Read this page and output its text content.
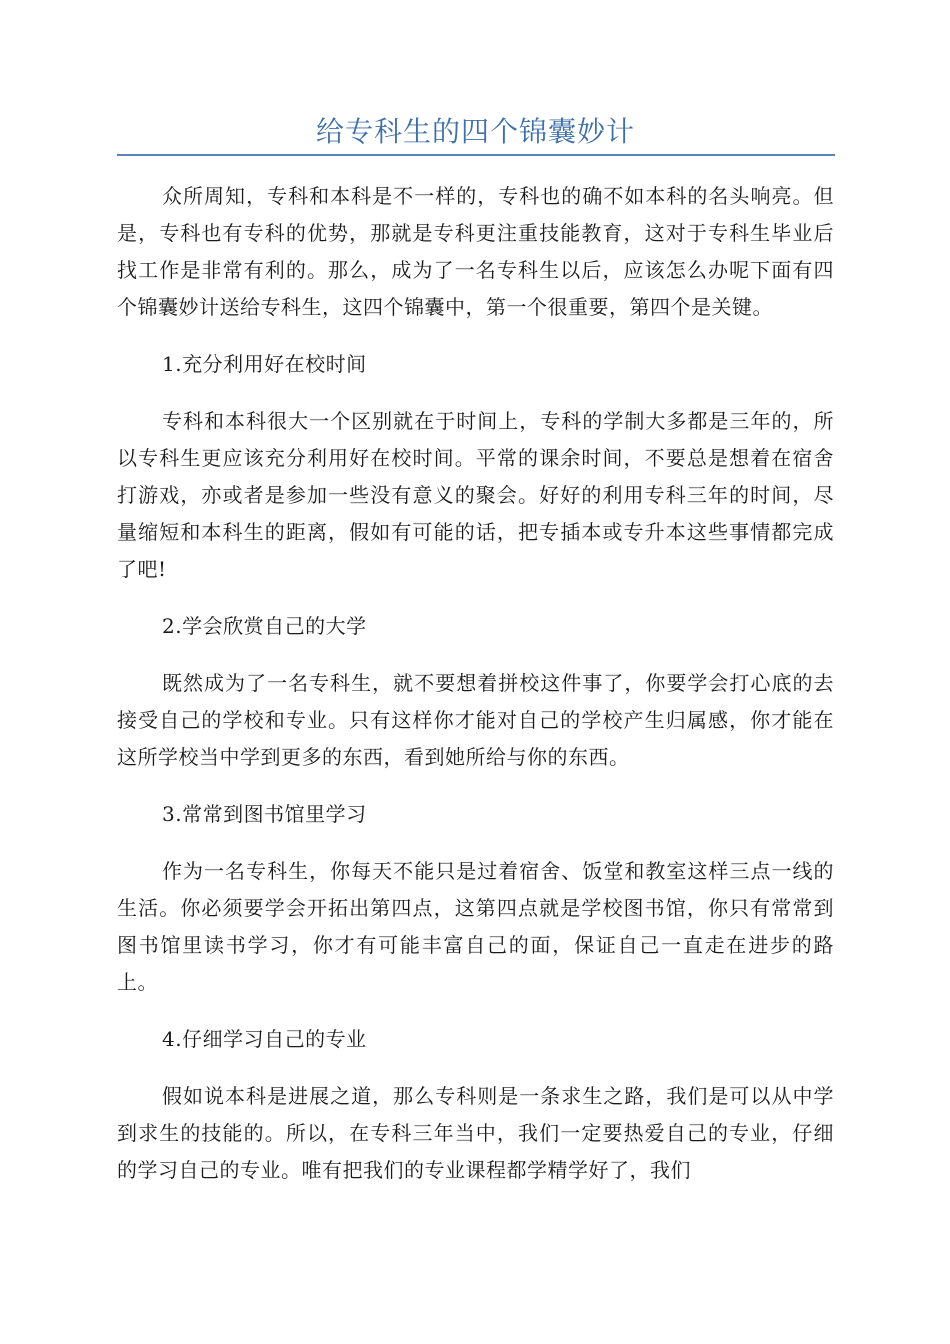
给专科生的四个锦囊妙计

众所周知，专科和本科是不一样的，专科也的确不如本科的名头响亮。但是，专科也有专科的优势，那就是专科更注重技能教育，这对于专科生毕业后找工作是非常有利的。那么，成为了一名专科生以后，应该怎么办呢下面有四个锦囊妙计送给专科生，这四个锦囊中，第一个很重要，第四个是关键。

1.充分利用好在校时间

专科和本科很大一个区别就在于时间上，专科的学制大多都是三年的，所以专科生更应该充分利用好在校时间。平常的课余时间，不要总是想着在宿舍打游戏，亦或者是参加一些没有意义的聚会。好好的利用专科三年的时间，尽量缩短和本科生的距离，假如有可能的话，把专插本或专升本这些事情都完成了吧!

2.学会欣赏自己的大学

既然成为了一名专科生，就不要想着拼校这件事了，你要学会打心底的去接受自己的学校和专业。只有这样你才能对自己的学校产生归属感，你才能在这所学校当中学到更多的东西，看到她所给与你的东西。

3.常常到图书馆里学习

作为一名专科生，你每天不能只是过着宿舍、饭堂和教室这样三点一线的生活。你必须要学会开拓出第四点，这第四点就是学校图书馆，你只有常常到图书馆里读书学习，你才有可能丰富自己的面，保证自己一直走在进步的路上。

4.仔细学习自己的专业

假如说本科是进展之道，那么专科则是一条求生之路，我们是可以从中学到求生的技能的。所以，在专科三年当中，我们一定要热爱自己的专业，仔细的学习自己的专业。唯有把我们的专业课程都学精学好了，我们
